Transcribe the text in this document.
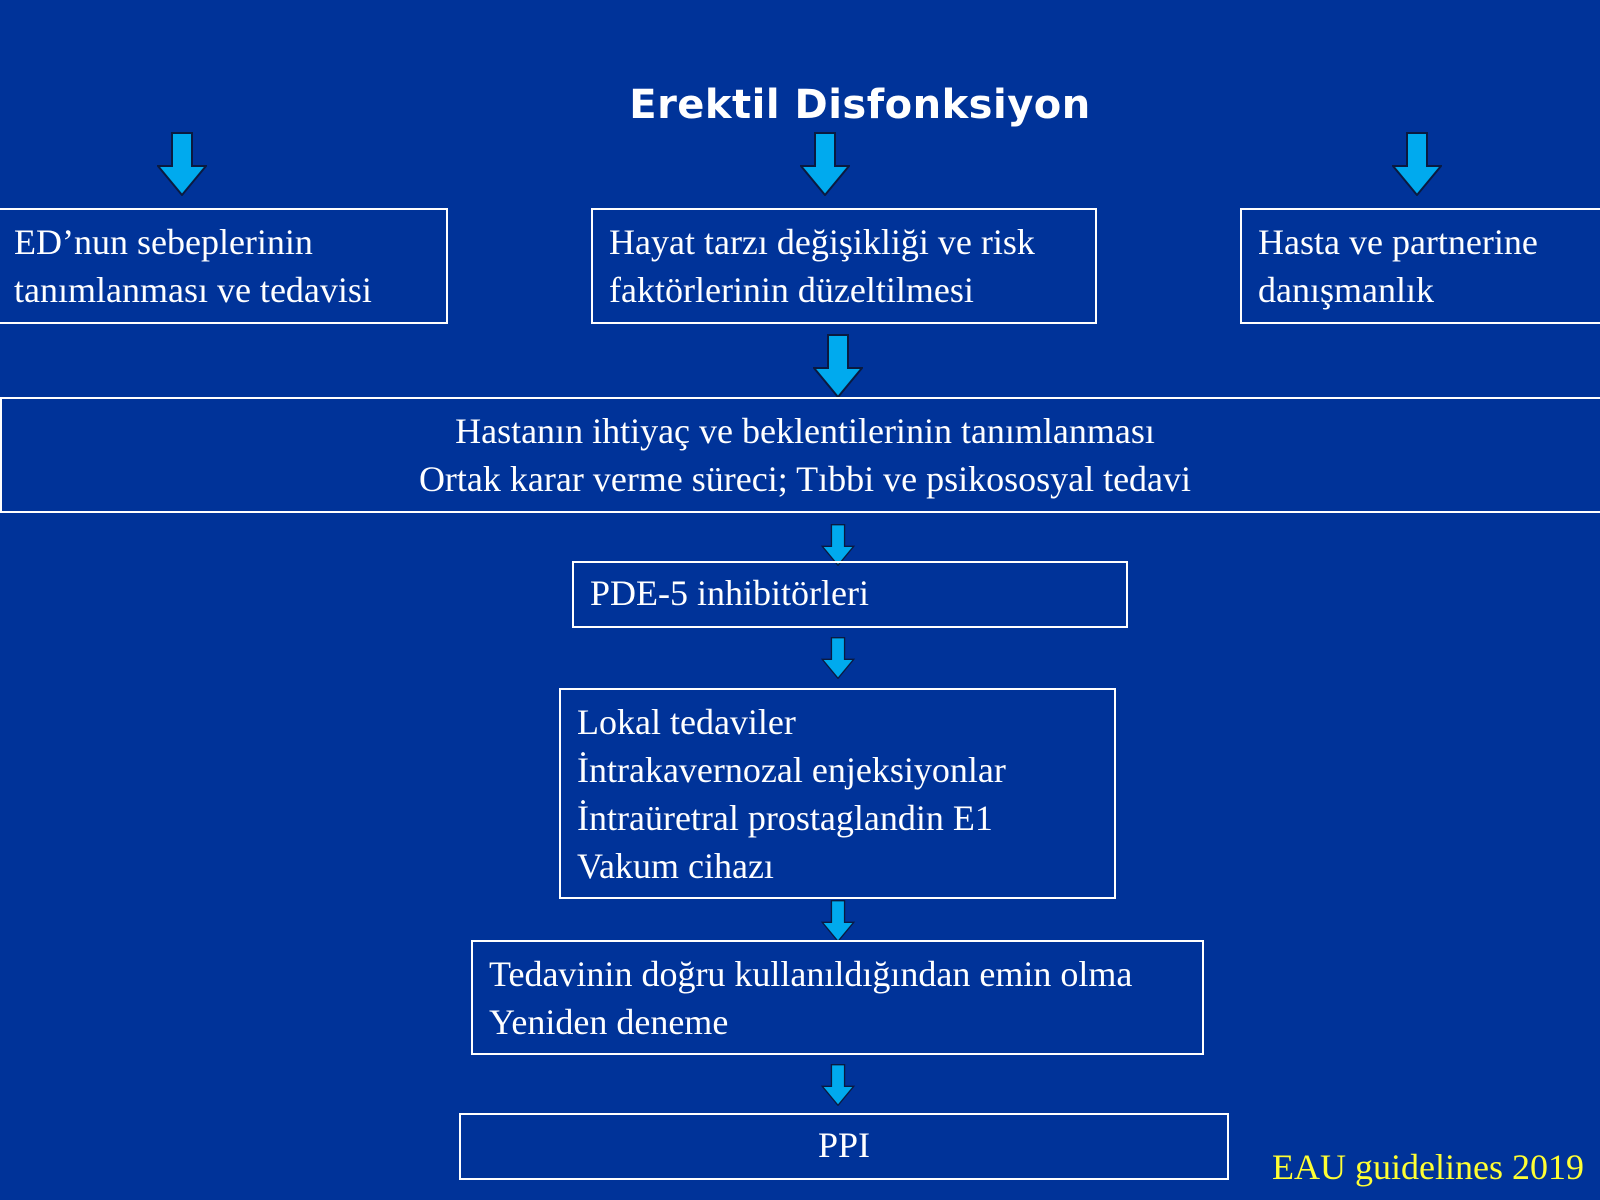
Erektil Disfonksiyon
ED’nun sebeplerinin
tanımlanması ve tedavisi
Hayat tarzı değişikliği ve risk
faktörlerinin düzeltilmesi
Hasta ve partnerine
danışmanlık
Hastanın ihtiyaç ve beklentilerinin tanımlanması
Ortak karar verme süreci; Tıbbi ve psikososyal tedavi
PDE-5 inhibitörleri
Lokal tedaviler
İntrakavernozal enjeksiyonlar
İntraüretral prostaglandin E1
Vakum cihazı
Tedavinin doğru kullanıldığından emin olma
Yeniden deneme
PPI
EAU guidelines 2019
